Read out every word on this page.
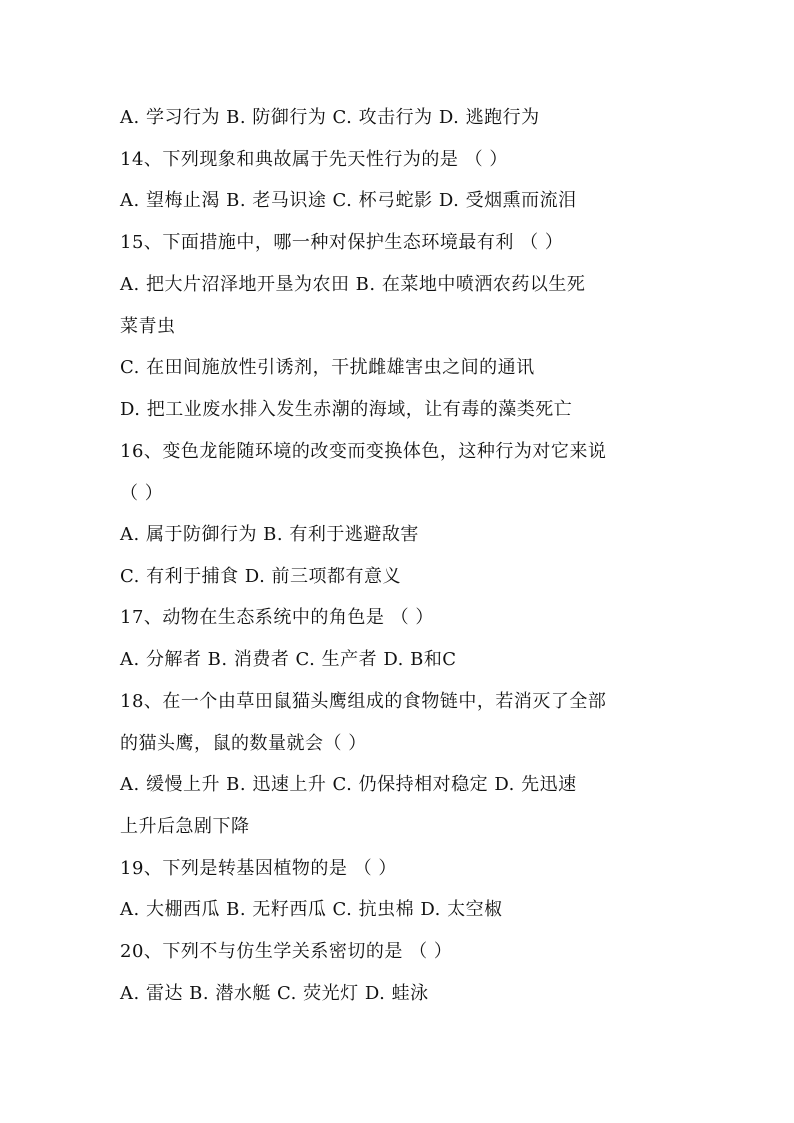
A. 学习行为 B. 防御行为 C. 攻击行为 D. 逃跑行为
14、下列现象和典故属于先天性行为的是 （ ）
A. 望梅止渴 B. 老马识途 C. 杯弓蛇影 D. 受烟熏而流泪
15、下面措施中，哪一种对保护生态环境最有利 （ ）
A. 把大片沼泽地开垦为农田 B. 在菜地中喷洒农药以生死
菜青虫
C. 在田间施放性引诱剂，干扰雌雄害虫之间的通讯
D. 把工业废水排入发生赤潮的海域，让有毒的藻类死亡
16、变色龙能随环境的改变而变换体色，这种行为对它来说
（ ）
A. 属于防御行为 B. 有利于逃避敌害
C. 有利于捕食 D. 前三项都有意义
17、动物在生态系统中的角色是 （ ）
A. 分解者 B. 消费者 C. 生产者 D. B和C
18、在一个由草田鼠猫头鹰组成的食物链中，若消灭了全部
的猫头鹰，鼠的数量就会（ ）
A. 缓慢上升 B. 迅速上升 C. 仍保持相对稳定 D. 先迅速
上升后急剧下降
19、下列是转基因植物的是 （ ）
A. 大棚西瓜 B. 无籽西瓜 C. 抗虫棉 D. 太空椒
20、下列不与仿生学关系密切的是 （ ）
A. 雷达 B. 潜水艇 C. 荧光灯 D. 蛙泳
